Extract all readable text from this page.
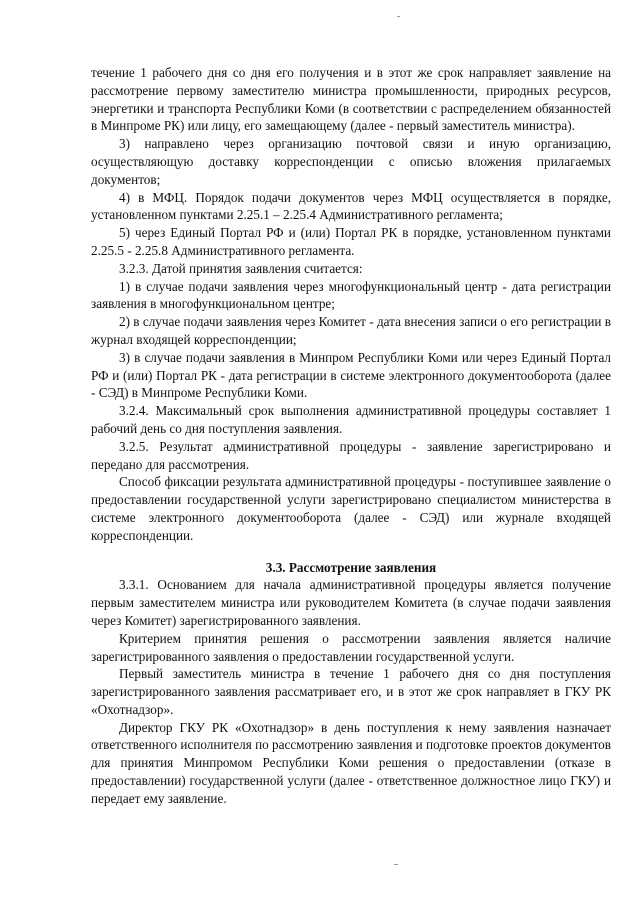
течение 1 рабочего дня со дня его получения и в этот же срок направляет заявление на рассмотрение первому заместителю министра промышленности, природных ресурсов, энергетики и транспорта Республики Коми (в соответствии с распределением обязанностей в Минпроме РК) или лицу, его замещающему (далее - первый заместитель министра).

3) направлено через организацию почтовой связи и иную организацию, осуществляющую доставку корреспонденции с описью вложения прилагаемых документов;

4) в МФЦ. Порядок подачи документов через МФЦ осуществляется в порядке, установленном пунктами 2.25.1 – 2.25.4 Административного регламента;

5) через Единый Портал РФ и (или) Портал РК в порядке, установленном пунктами 2.25.5 - 2.25.8 Административного регламента.

3.2.3. Датой принятия заявления считается:

1) в случае подачи заявления через многофункциональный центр - дата регистрации заявления в многофункциональном центре;

2) в случае подачи заявления через Комитет - дата внесения записи о его регистрации в журнал входящей корреспонденции;

3) в случае подачи заявления в Минпром Республики Коми или через Единый Портал РФ и (или) Портал РК - дата регистрации в системе электронного документооборота (далее - СЭД) в Минпроме Республики Коми.

3.2.4. Максимальный срок выполнения административной процедуры составляет 1 рабочий день со дня поступления заявления.

3.2.5. Результат административной процедуры - заявление зарегистрировано и передано для рассмотрения.

Способ фиксации результата административной процедуры - поступившее заявление о предоставлении государственной услуги зарегистрировано специалистом министерства в системе электронного документооборота (далее - СЭД) или журнале входящей корреспонденции.

3.3. Рассмотрение заявления

3.3.1. Основанием для начала административной процедуры является получение первым заместителем министра или руководителем Комитета (в случае подачи заявления через Комитет) зарегистрированного заявления.

Критерием принятия решения о рассмотрении заявления является наличие зарегистрированного заявления о предоставлении государственной услуги.

Первый заместитель министра в течение 1 рабочего дня со дня поступления зарегистрированного заявления рассматривает его, и в этот же срок направляет в ГКУ РК «Охотнадзор».

Директор ГКУ РК «Охотнадзор» в день поступления к нему заявления назначает ответственного исполнителя по рассмотрению заявления и подготовке проектов документов для принятия Минпромом Республики Коми решения о предоставлении (отказе в предоставлении) государственной услуги (далее - ответственное должностное лицо ГКУ) и передает ему заявление.
